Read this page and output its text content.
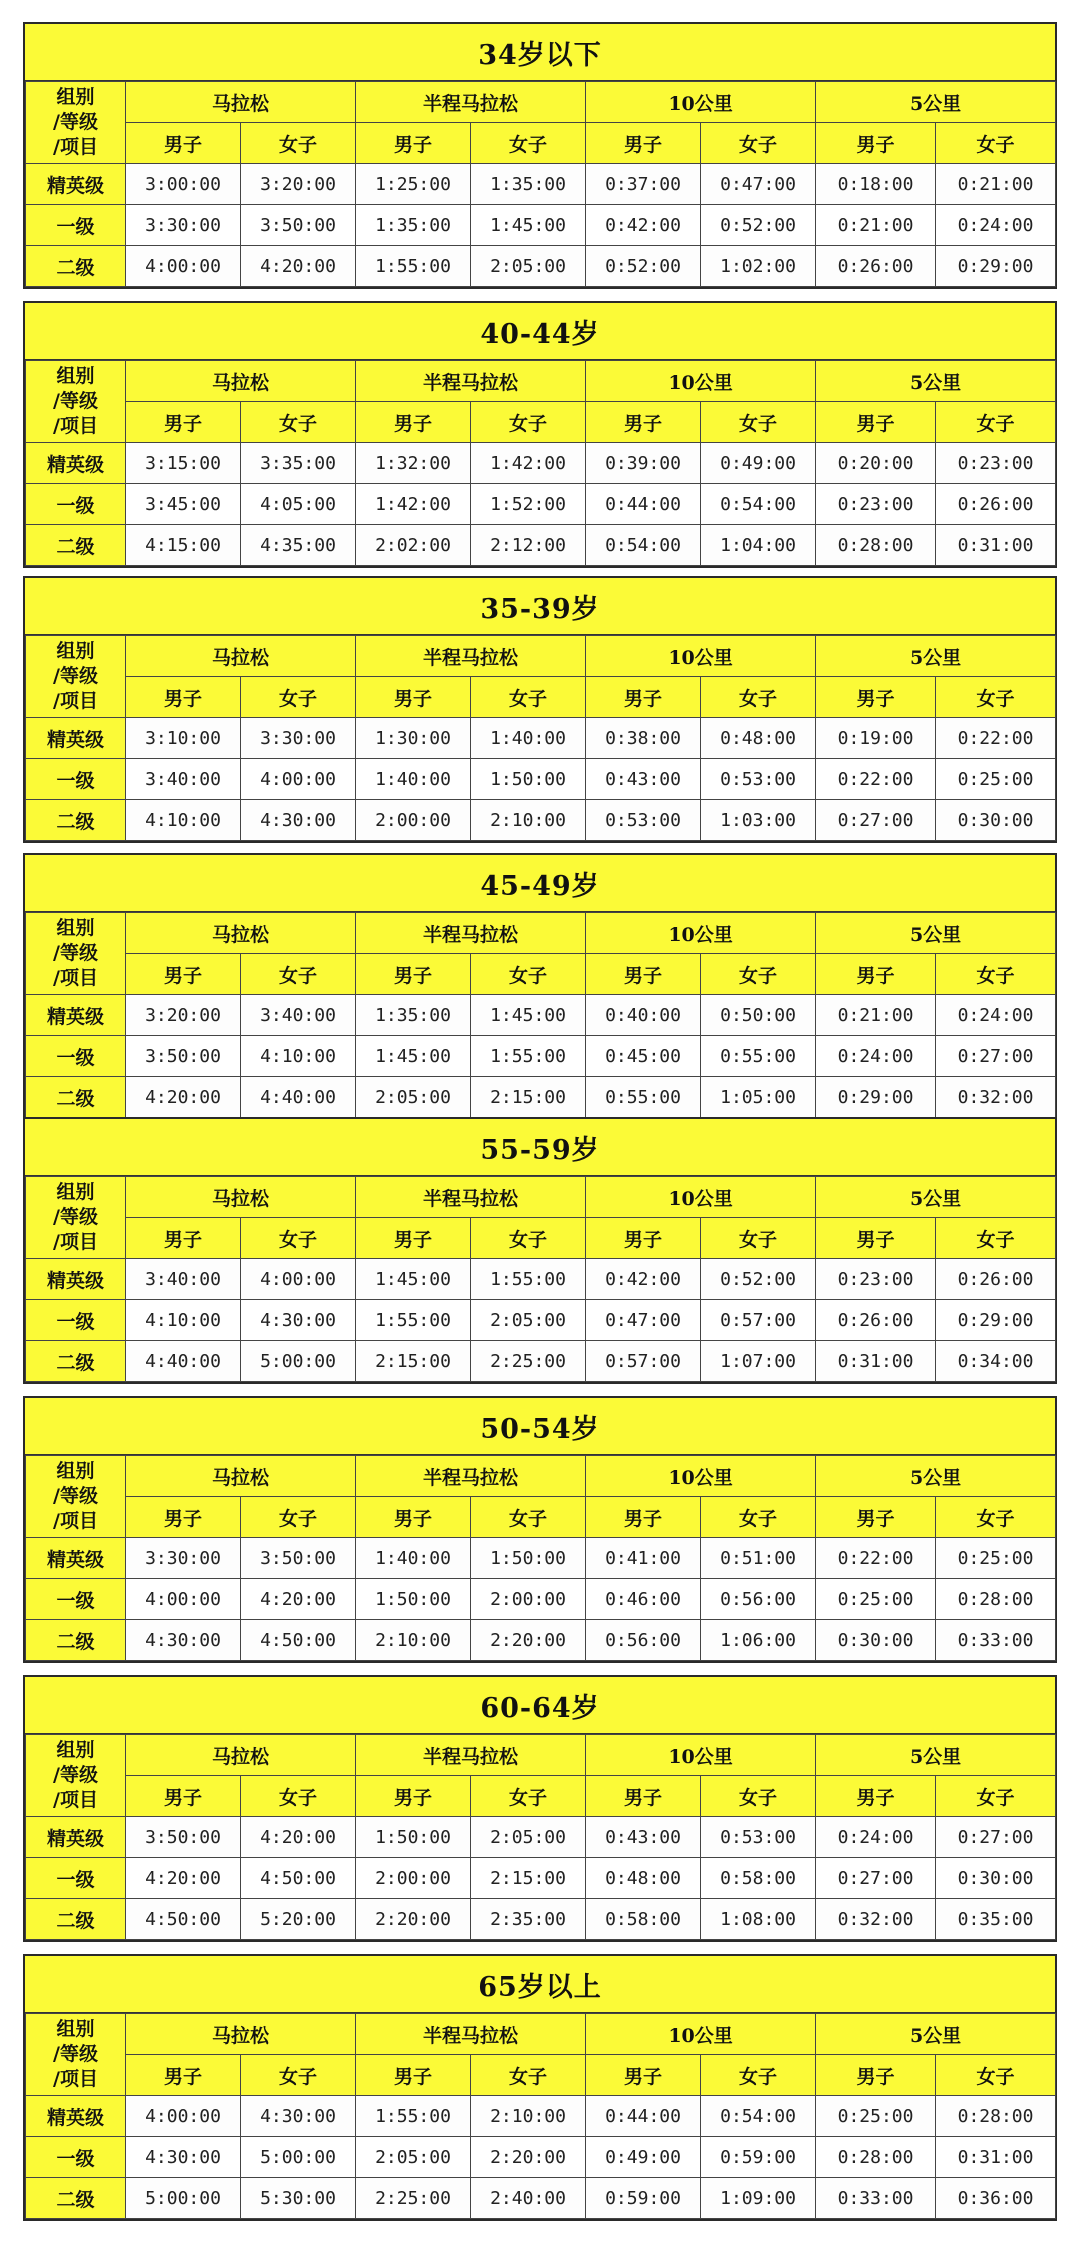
34岁以下
组别
/等级
/项目	马拉松		半程马拉松		10公里		5公里	
	男子	女子	男子	女子	男子	女子	男子	女子
精英级	3:00:00	3:20:00	1:25:00	1:35:00	0:37:00	0:47:00	0:18:00	0:21:00
一级	3:30:00	3:50:00	1:35:00	1:45:00	0:42:00	0:52:00	0:21:00	0:24:00
二级	4:00:00	4:20:00	1:55:00	2:05:00	0:52:00	1:02:00	0:26:00	0:29:00
40-44岁
组别
/等级
/项目	马拉松		半程马拉松		10公里		5公里	
	男子	女子	男子	女子	男子	女子	男子	女子
精英级	3:15:00	3:35:00	1:32:00	1:42:00	0:39:00	0:49:00	0:20:00	0:23:00
一级	3:45:00	4:05:00	1:42:00	1:52:00	0:44:00	0:54:00	0:23:00	0:26:00
二级	4:15:00	4:35:00	2:02:00	2:12:00	0:54:00	1:04:00	0:28:00	0:31:00
35-39岁
组别
/等级
/项目	马拉松		半程马拉松		10公里		5公里	
	男子	女子	男子	女子	男子	女子	男子	女子
精英级	3:10:00	3:30:00	1:30:00	1:40:00	0:38:00	0:48:00	0:19:00	0:22:00
一级	3:40:00	4:00:00	1:40:00	1:50:00	0:43:00	0:53:00	0:22:00	0:25:00
二级	4:10:00	4:30:00	2:00:00	2:10:00	0:53:00	1:03:00	0:27:00	0:30:00
45-49岁
组别
/等级
/项目	马拉松		半程马拉松		10公里		5公里	
	男子	女子	男子	女子	男子	女子	男子	女子
精英级	3:20:00	3:40:00	1:35:00	1:45:00	0:40:00	0:50:00	0:21:00	0:24:00
一级	3:50:00	4:10:00	1:45:00	1:55:00	0:45:00	0:55:00	0:24:00	0:27:00
二级	4:20:00	4:40:00	2:05:00	2:15:00	0:55:00	1:05:00	0:29:00	0:32:00
55-59岁
组别
/等级
/项目	马拉松		半程马拉松		10公里		5公里	
	男子	女子	男子	女子	男子	女子	男子	女子
精英级	3:40:00	4:00:00	1:45:00	1:55:00	0:42:00	0:52:00	0:23:00	0:26:00
一级	4:10:00	4:30:00	1:55:00	2:05:00	0:47:00	0:57:00	0:26:00	0:29:00
二级	4:40:00	5:00:00	2:15:00	2:25:00	0:57:00	1:07:00	0:31:00	0:34:00
50-54岁
组别
/等级
/项目	马拉松		半程马拉松		10公里		5公里	
	男子	女子	男子	女子	男子	女子	男子	女子
精英级	3:30:00	3:50:00	1:40:00	1:50:00	0:41:00	0:51:00	0:22:00	0:25:00
一级	4:00:00	4:20:00	1:50:00	2:00:00	0:46:00	0:56:00	0:25:00	0:28:00
二级	4:30:00	4:50:00	2:10:00	2:20:00	0:56:00	1:06:00	0:30:00	0:33:00
60-64岁
组别
/等级
/项目	马拉松		半程马拉松		10公里		5公里	
	男子	女子	男子	女子	男子	女子	男子	女子
精英级	3:50:00	4:20:00	1:50:00	2:05:00	0:43:00	0:53:00	0:24:00	0:27:00
一级	4:20:00	4:50:00	2:00:00	2:15:00	0:48:00	0:58:00	0:27:00	0:30:00
二级	4:50:00	5:20:00	2:20:00	2:35:00	0:58:00	1:08:00	0:32:00	0:35:00
65岁以上
组别
/等级
/项目	马拉松		半程马拉松		10公里		5公里	
	男子	女子	男子	女子	男子	女子	男子	女子
精英级	4:00:00	4:30:00	1:55:00	2:10:00	0:44:00	0:54:00	0:25:00	0:28:00
一级	4:30:00	5:00:00	2:05:00	2:20:00	0:49:00	0:59:00	0:28:00	0:31:00
二级	5:00:00	5:30:00	2:25:00	2:40:00	0:59:00	1:09:00	0:33:00	0:36:00
